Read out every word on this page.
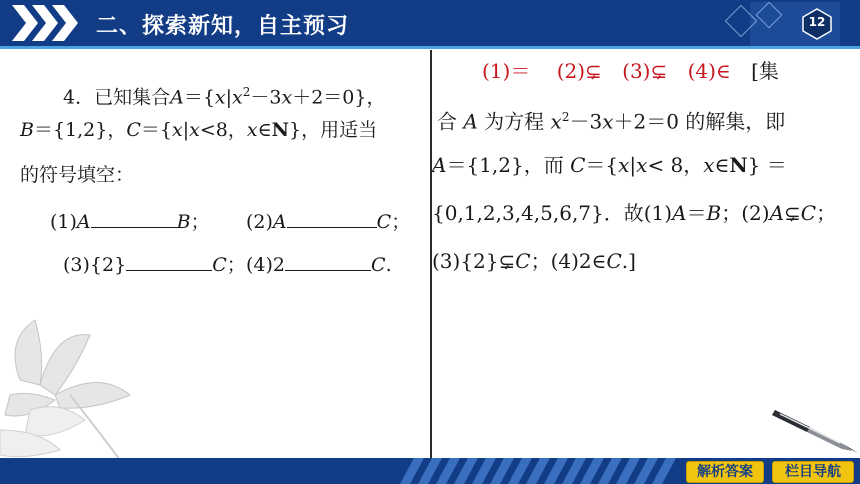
二、探索新知，自主预习	12
4．已知集合$A=\{x|x^2-3x+2=0\}$，
B＝{1,2}，C＝{x|x<8，x∈N}，用适当
的符号填空：
(1)A	B； (2)A	C；
(3){2}	C； (4)2	C.
(1)＝ (2)⊊ (3)⊊ (4)∈ [集
合 A 为方程 $x^2-3x+2=0$ 的解集，即
A＝{1,2}，而 C＝{x|x< 8，x∈N} ＝
{0,1,2,3,4,5,6,7}．故(1)A＝B；(2)A⊊C；
(3){2}⊊C；(4)2∈C.]
解析答案	栏目导航
